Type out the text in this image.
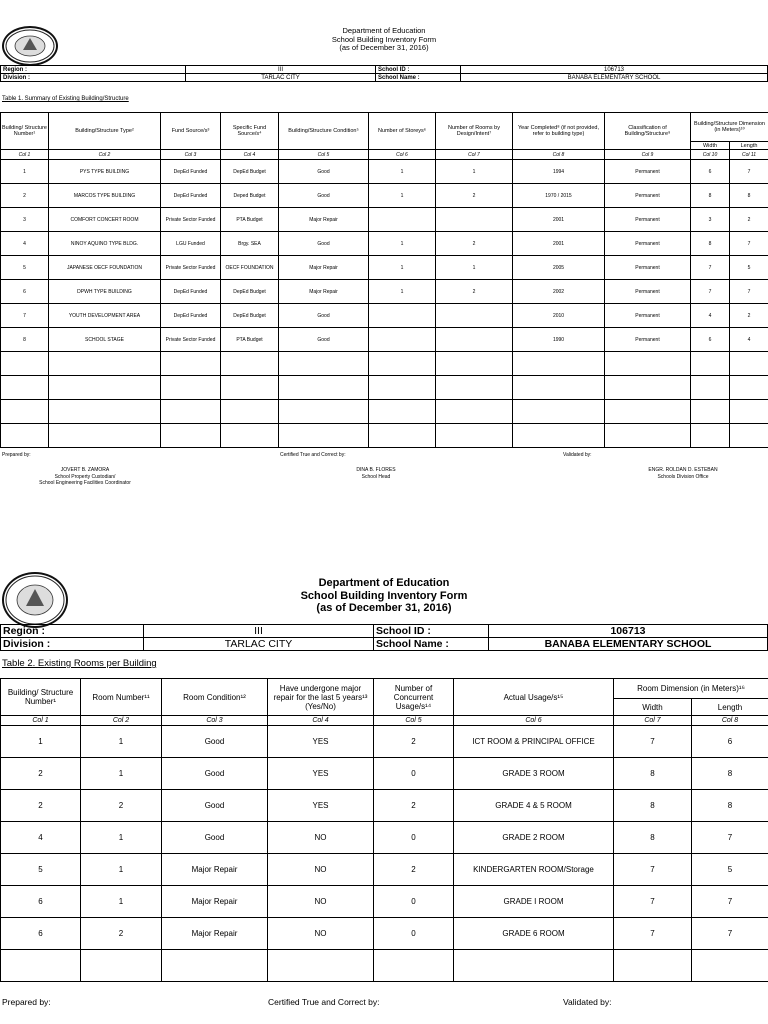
Department of Education
School Building Inventory Form
(as of December 31, 2016)
Region :	III	School ID :	106713
Division :	TARLAC CITY	School Name :	BANABA ELEMENTARY SCHOOL
Table 1. Summary of Existing Building/Structure
Building/ Structure Number¹	Building/Structure Type²	Fund Source/s³	Specific Fund Source/s⁴	Building/Structure Condition⁵	Number of Storeys⁶	Number of Rooms by Design/Intent⁷	Year Completed⁸ (if not provided, refer to building type)	Classification of Building/Structure⁹	Building/Structure Dimension (in Meters)¹⁰	
									Width	Length
Col 1	Col 2	Col 3	Col 4	Col 5	Col 6	Col 7	Col 8	Col 9	Col 10	Col 11
1	PYS TYPE BUILDING	DepEd Funded	DepEd Budget	Good	1	1	1994	Permanent	6	7
2	MARCOS TYPE BUILDING	DepEd Funded	Deped Budget	Good	1	2	1970 / 2015	Permanent	8	8
3	COMFORT CONCERT ROOM	Private Sector Funded	PTA Budget	Major Repair			2001	Permanent	3	2
4	NINOY AQUINO TYPE BLDG.	LGU Funded	Brgy. SEA	Good	1	2	2001	Permanent	8	7
5	JAPANESE OECF FOUNDATION	Private Sector Funded	OECF FOUNDATION	Major Repair	1	1	2005	Permanent	7	5
6	DPWH TYPE BUILDING	DepEd Funded	DepEd Budget	Major Repair	1	2	2002	Permanent	7	7
7	YOUTH DEVELOPMENT AREA	DepEd Funded	DepEd Budget	Good			2010	Permanent	4	2
8	SCHOOL STAGE	Private Sector Funded	PTA Budget	Good			1990	Permanent	6	4

Prepared by:	Certified True and Correct by:	Validated by:
JOVERT B. ZAMORA
School Property Custodian/
School Engineering Facilities Coordinator
DINA B. FLORES
School Head
ENGR. ROLDAN D. ESTEBAN
Schools Division Office
Department of Education
School Building Inventory Form
(as of December 31, 2016)
Region :	III	School ID :	106713
Division :	TARLAC CITY	School Name :	BANABA ELEMENTARY SCHOOL
Table 2. Existing Rooms per Building
Building/ Structure Number¹	Room Number¹¹	Room Condition¹²	Have undergone major repair for the last 5 years¹³ (Yes/No)	Number of Concurrent Usage/s¹⁴	Actual Usage/s¹⁵	Room Dimension (in Meters)¹⁶	
						Width	Length
Col 1	Col 2	Col 3	Col 4	Col 5	Col 6	Col 7	Col 8
1	1	Good	YES	2	ICT ROOM & PRINCIPAL OFFICE	7	6
2	1	Good	YES	0	GRADE 3 ROOM	8	8
2	2	Good	YES	2	GRADE 4 & 5 ROOM	8	8
4	1	Good	NO	0	GRADE 2 ROOM	8	7
5	1	Major Repair	NO	2	KINDERGARTEN ROOM/Storage	7	5
6	1	Major Repair	NO	0	GRADE I ROOM	7	7
6	2	Major Repair	NO	0	GRADE 6 ROOM	7	7

Prepared by:	Certified True and Correct by:	Validated by:
